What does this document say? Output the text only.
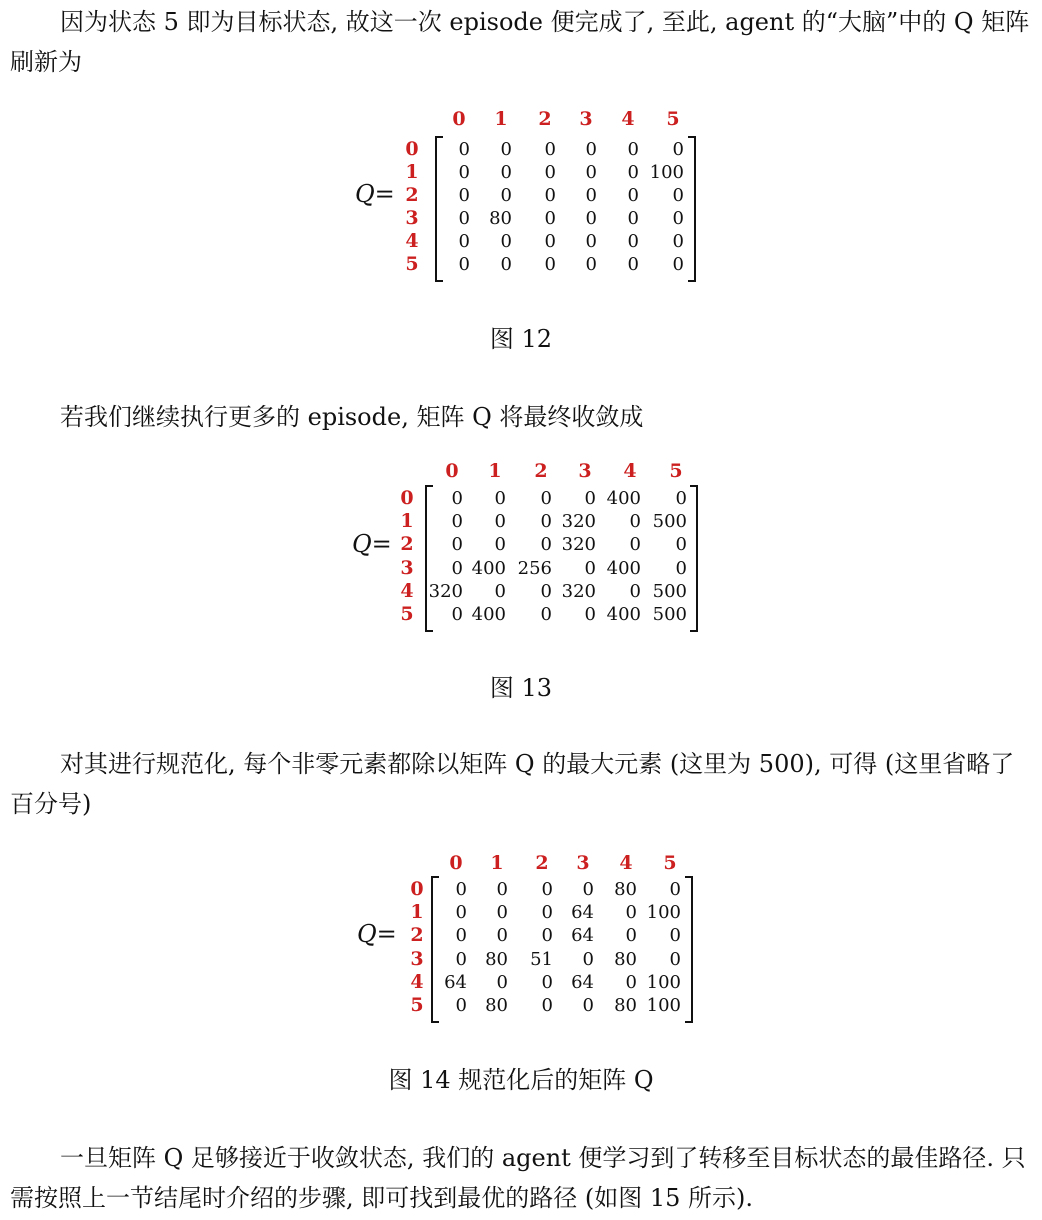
因为状态 5 即为目标状态, 故这一次 episode 便完成了, 至此, agent 的“大脑”中的 Q 矩阵刷新为

图 12

若我们继续执行更多的 episode, 矩阵 Q 将最终收敛成

图 13

对其进行规范化, 每个非零元素都除以矩阵 Q 的最大元素 (这里为 500), 可得 (这里省略了百分号)

图 14 规范化后的矩阵 Q

一旦矩阵 Q 足够接近于收敛状态, 我们的 agent 便学习到了转移至目标状态的最佳路径. 只需按照上一节结尾时介绍的步骤, 即可找到最优的路径 (如图 15 所示).

Q=
0 1 2 3 4 5
0
1
2
3
4
5
0	0	0	0	0	0
0	0	0	0	0 100
0	0	0	0	0	0
0	80	0	0	0	0
0	0	0	0	0	0
0	0	0	0	0	0
Q=
0 1 2 3 4 5
0
1
2
3
4
5
0	0	0	0 400	0
0	0	0 320	0 500
0	0	0 320	0	0
0 400 256	0 400	0
320	0	0 320	0 500
0 400	0	0 400 500
Q=
0 1 2 3 4 5
0
1
2
3
4
5
0	0	0	0	80	0
0	0	0	64	0 100
0	0	0	64	0	0
0	80	51	0	80	0
64	0	0	64	0 100
0	80	0	0	80 100
